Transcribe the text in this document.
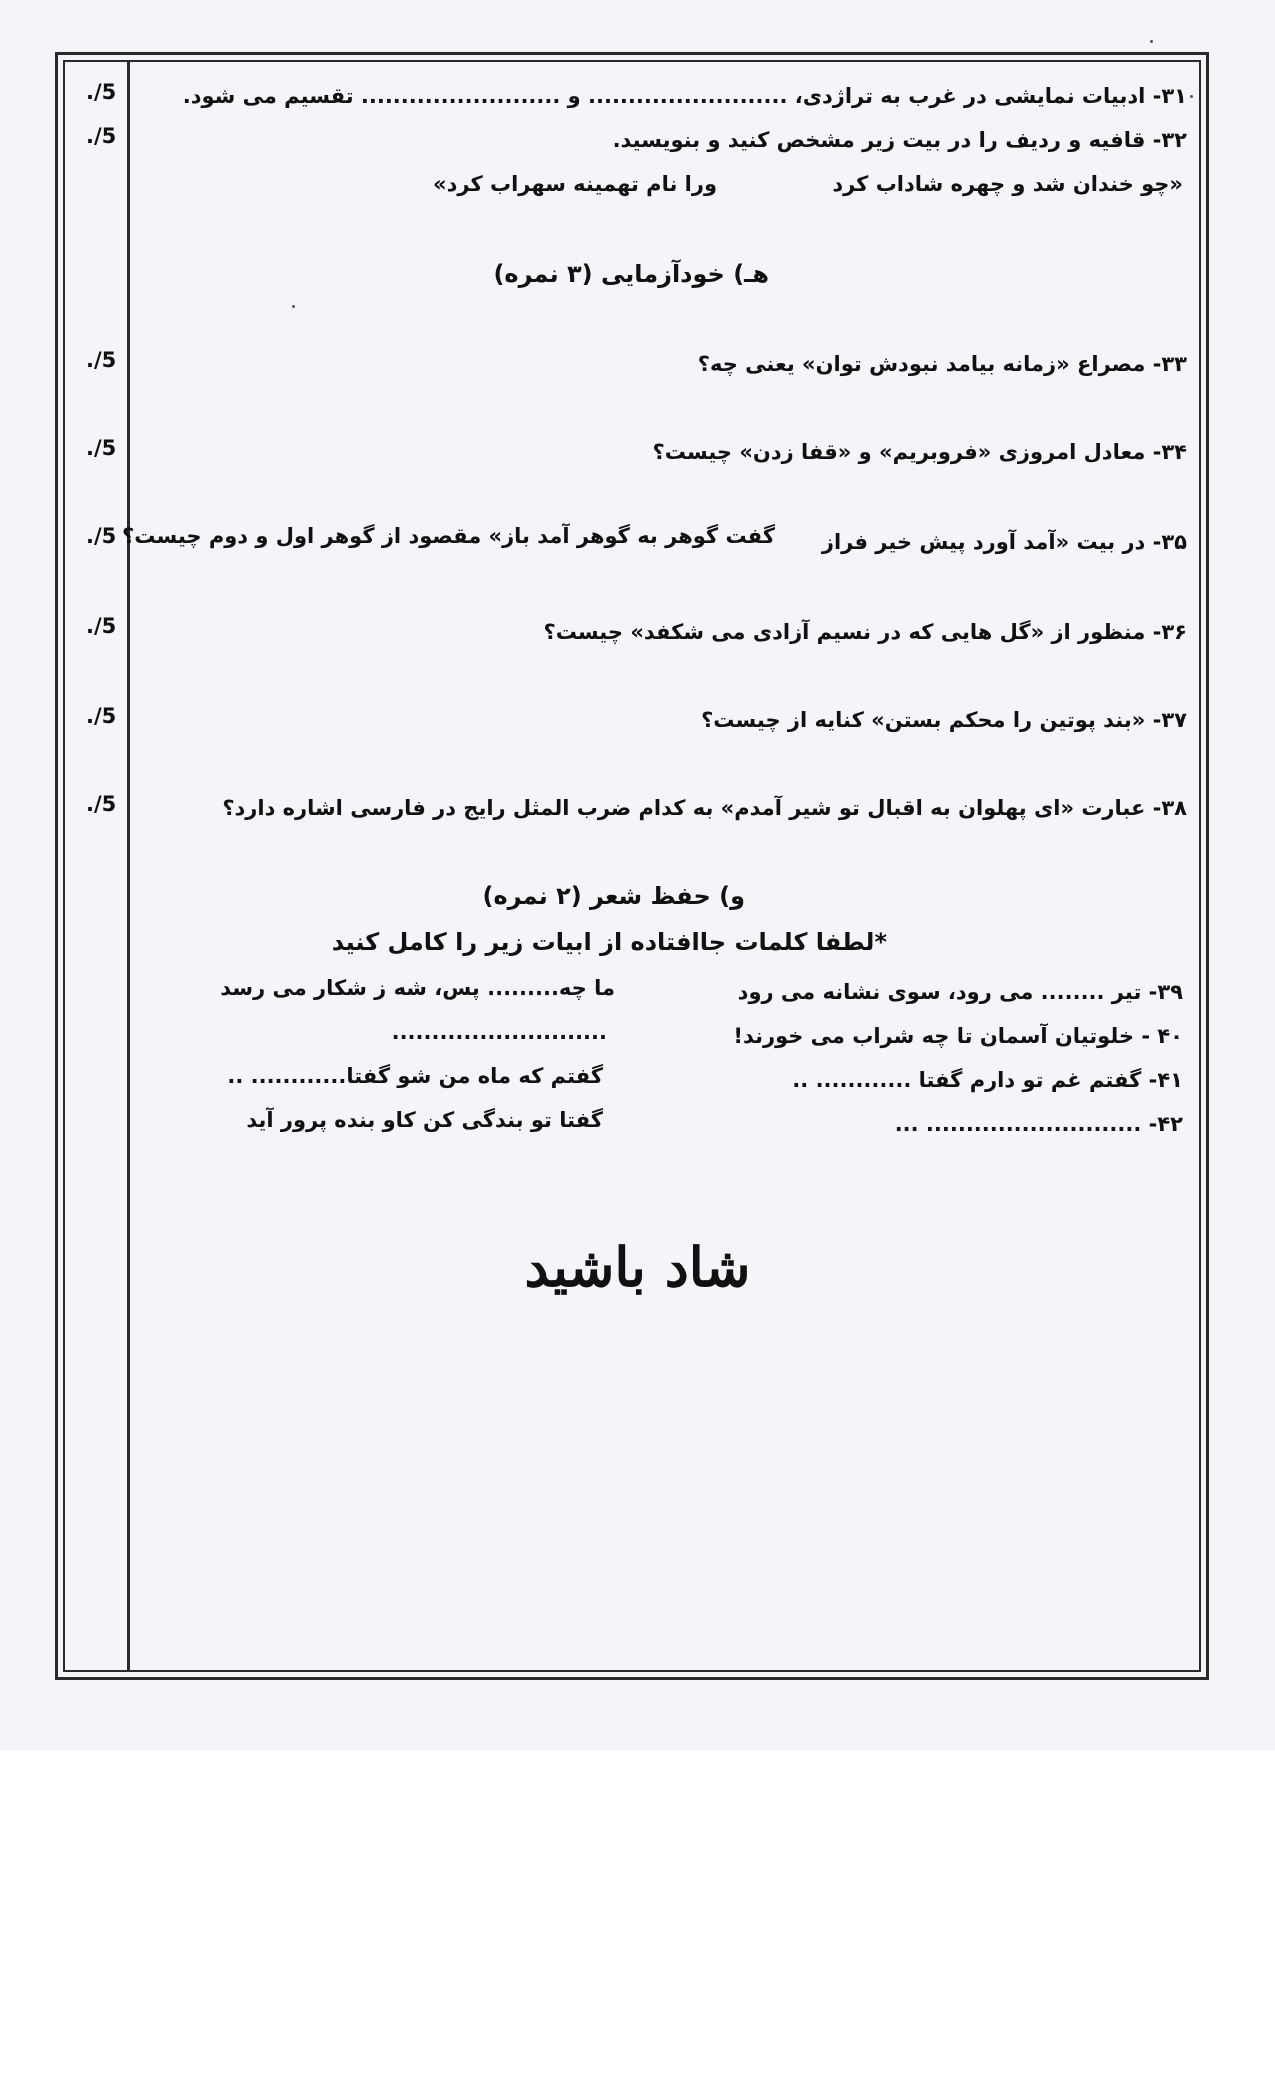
./5
./5
./5
./5
./5
./5
./5
./5
۳۱- ادبیات نمایشی در غرب به تراژدی، ......................... و ......................... تقسیم می شود.
۳۲- قافیه و ردیف را در بیت زیر مشخص کنید و بنویسید.
«چو خندان شد و چهره شاداب کرد
ورا نام تهمینه سهراب کرد»
هـ) خودآزمایی (۳ نمره)
۳۳- مصراع «زمانه بیامد نبودش توان» یعنی چه؟
۳۴- معادل امروزی «فروبریم» و «قفا زدن» چیست؟
۳۵- در بیت «آمد آورد پیش خیر فراز
گفت گوهر به گوهر آمد باز» مقصود از گوهر اول و دوم چیست؟
۳۶- منظور از «گل هایی که در نسیم آزادی می شکفد» چیست؟
۳۷- «بند پوتین را محکم بستن» کنایه از چیست؟
۳۸- عبارت «ای پهلوان به اقبال تو شیر آمدم» به کدام ضرب المثل رایج در فارسی اشاره دارد؟
و) حفظ شعر (۲ نمره)
*لطفا کلمات جاافتاده از ابیات زیر را کامل کنید
۳۹- تیر ........ می رود، سوی نشانه می رود
ما چه......... پس، شه ز شکار می رسد
۴۰ - خلوتیان آسمان تا چه شراب می خورند!
...........................
۴۱- گفتم غم تو دارم گفتا ............ ..
گفتم که ماه من شو گفتا............ ..
۴۲- ........................... ...
گفتا تو بندگی کن کاو بنده پرور آید
شاد باشید
